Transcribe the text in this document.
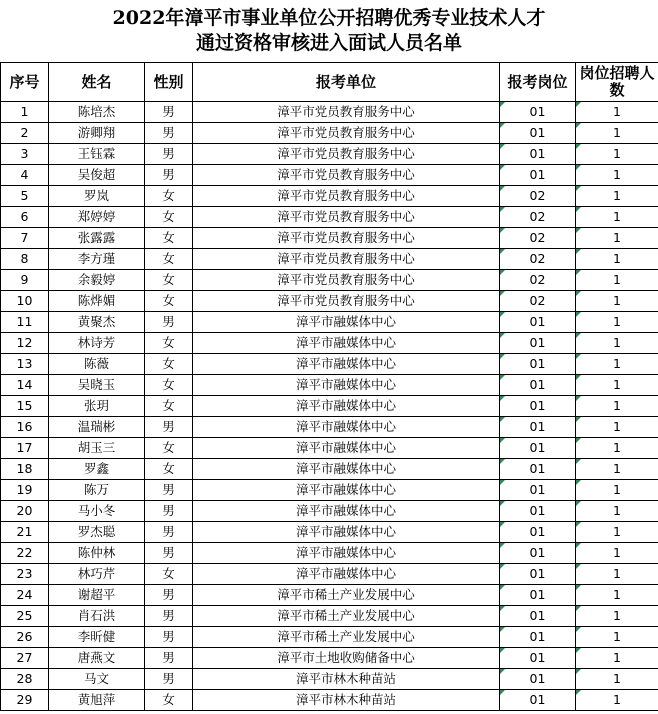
2022年漳平市事业单位公开招聘优秀专业技术人才
通过资格审核进入面试人员名单
序号	姓名	性别	报考单位	报考岗位	岗位招聘人数
1	陈培杰	男	漳平市党员教育服务中心	01	1
2	游卿翔	男	漳平市党员教育服务中心	01	1
3	王钰霖	男	漳平市党员教育服务中心	01	1
4	吴俊超	男	漳平市党员教育服务中心	01	1
5	罗岚	女	漳平市党员教育服务中心	02	1
6	郑婷婷	女	漳平市党员教育服务中心	02	1
7	张露露	女	漳平市党员教育服务中心	02	1
8	李方瑾	女	漳平市党员教育服务中心	02	1
9	余毅婷	女	漳平市党员教育服务中心	02	1
10	陈烨媚	女	漳平市党员教育服务中心	02	1
11	黄聚杰	男	漳平市融媒体中心	01	1
12	林诗芳	女	漳平市融媒体中心	01	1
13	陈薇	女	漳平市融媒体中心	01	1
14	吴晓玉	女	漳平市融媒体中心	01	1
15	张玥	女	漳平市融媒体中心	01	1
16	温瑞彬	男	漳平市融媒体中心	01	1
17	胡玉三	女	漳平市融媒体中心	01	1
18	罗鑫	女	漳平市融媒体中心	01	1
19	陈万	男	漳平市融媒体中心	01	1
20	马小冬	男	漳平市融媒体中心	01	1
21	罗杰聪	男	漳平市融媒体中心	01	1
22	陈仲林	男	漳平市融媒体中心	01	1
23	林巧芹	女	漳平市融媒体中心	01	1
24	谢超平	男	漳平市稀土产业发展中心	01	1
25	肖石洪	男	漳平市稀土产业发展中心	01	1
26	李昕健	男	漳平市稀土产业发展中心	01	1
27	唐燕文	男	漳平市土地收购储备中心	01	1
28	马文	男	漳平市林木种苗站	01	1
29	黄旭萍	女	漳平市林木种苗站	01	1
